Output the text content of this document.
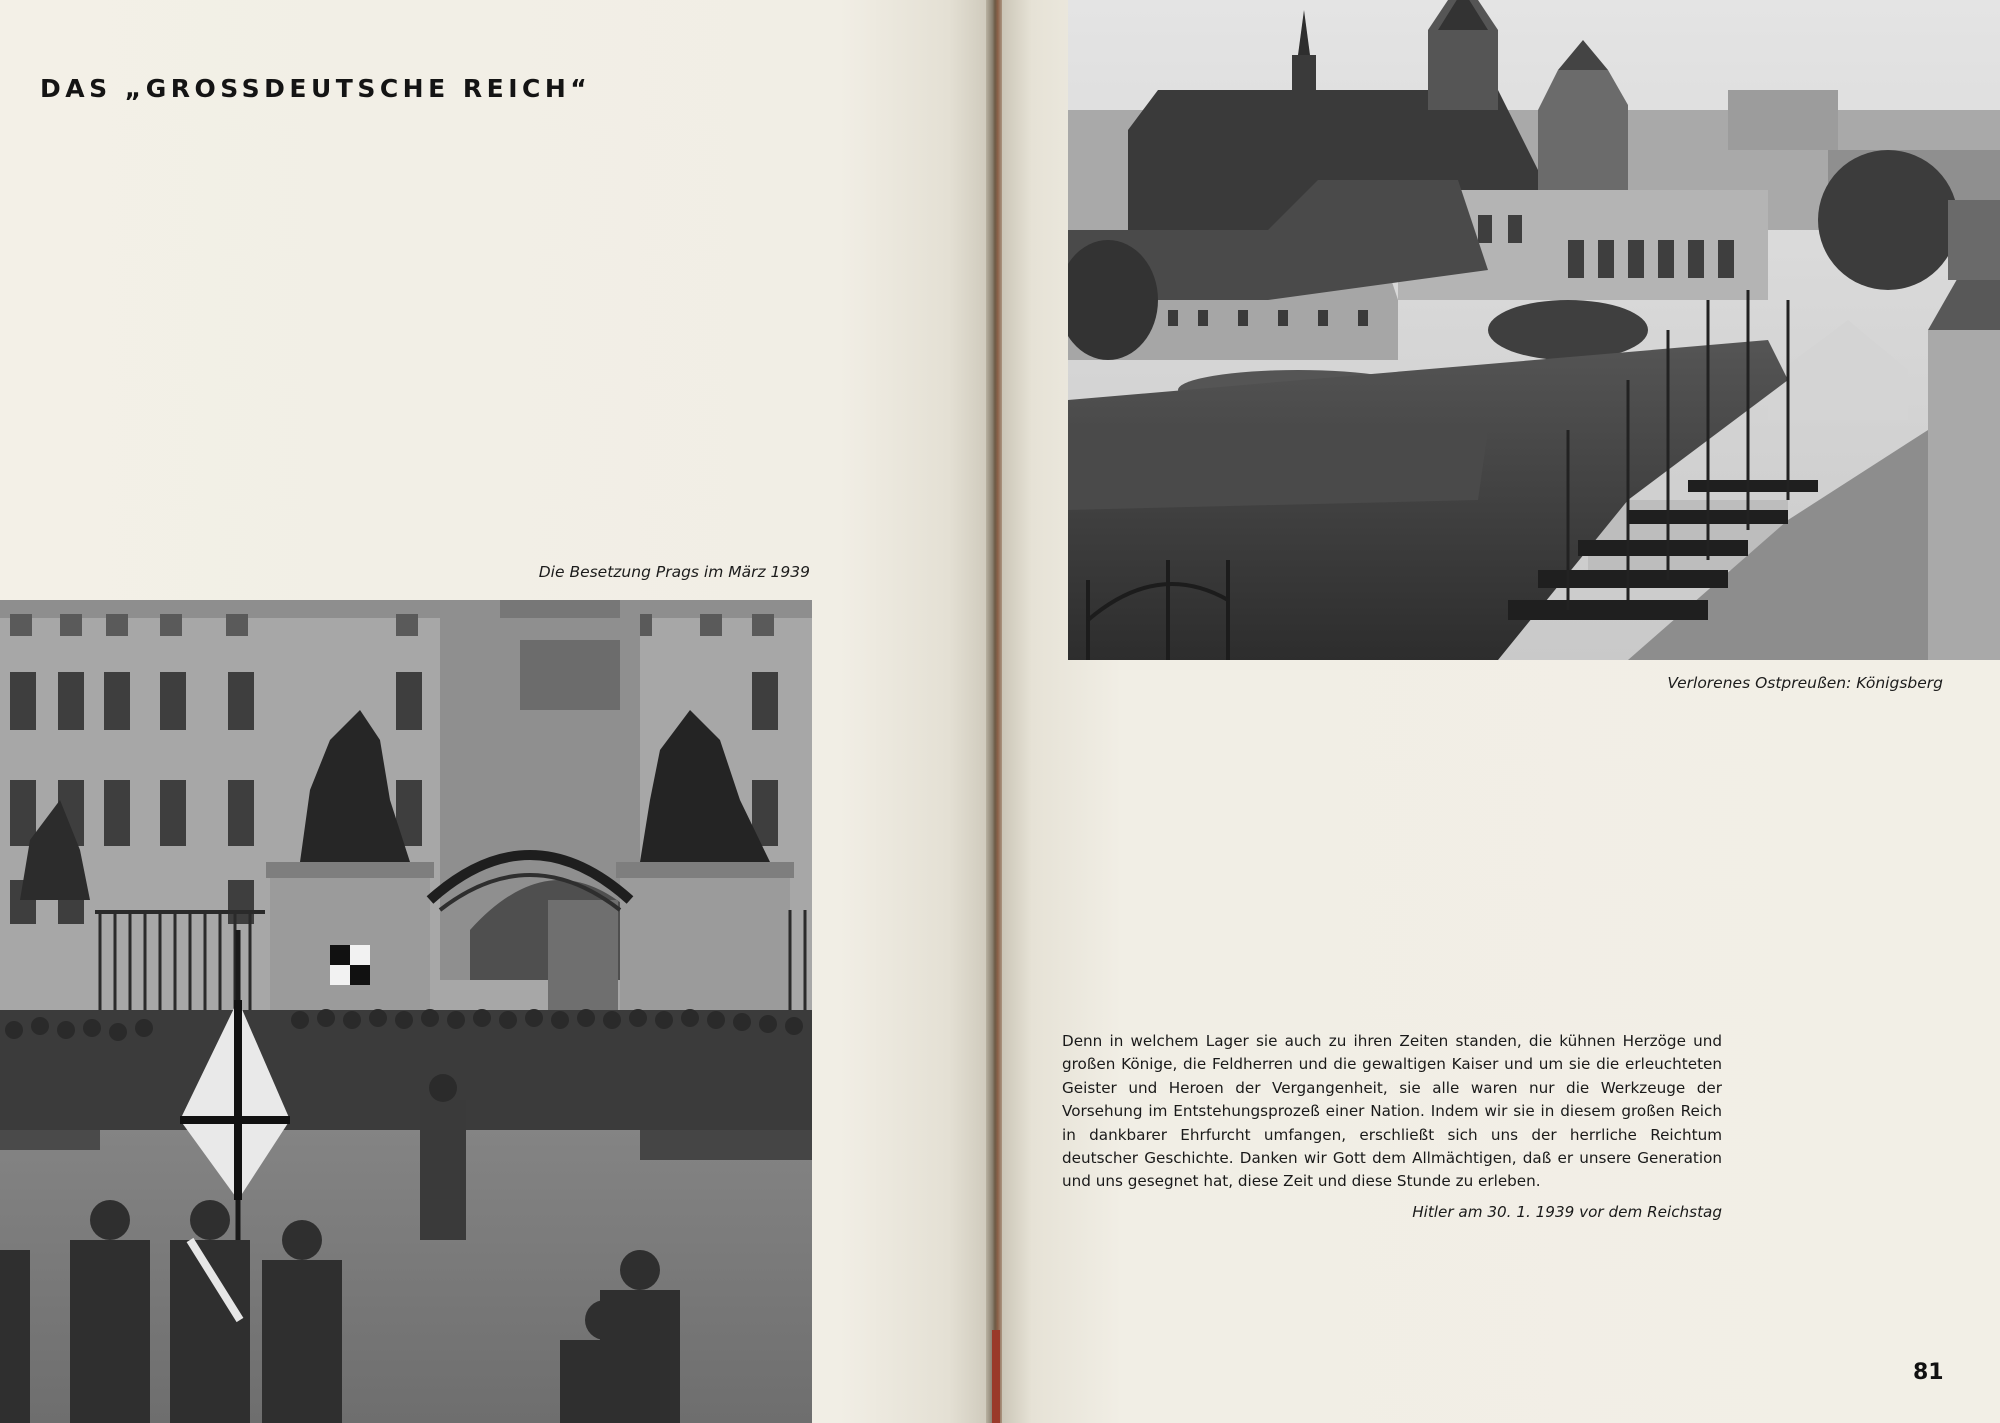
DAS „GROSSDEUTSCHE REICH“

Die Besetzung Prags im März 1939

Verlorenes Ostpreußen: Königsberg

Denn in welchem Lager sie auch zu ihren Zeiten standen, die kühnen Herzöge und großen Könige, die Feldherren und die gewaltigen Kaiser und um sie die erleuchteten Geister und Heroen der Vergangenheit, sie alle waren nur die Werkzeuge der Vorsehung im Entstehungsprozeß einer Nation. Indem wir sie in diesem großen Reich in dankbarer Ehrfurcht umfangen, erschließt sich uns der herrliche Reichtum deutscher Geschichte. Danken wir Gott dem Allmächtigen, daß er unsere Generation und uns gesegnet hat, diese Zeit und diese Stunde zu erleben.

Hitler am 30. 1. 1939 vor dem Reichstag

81
